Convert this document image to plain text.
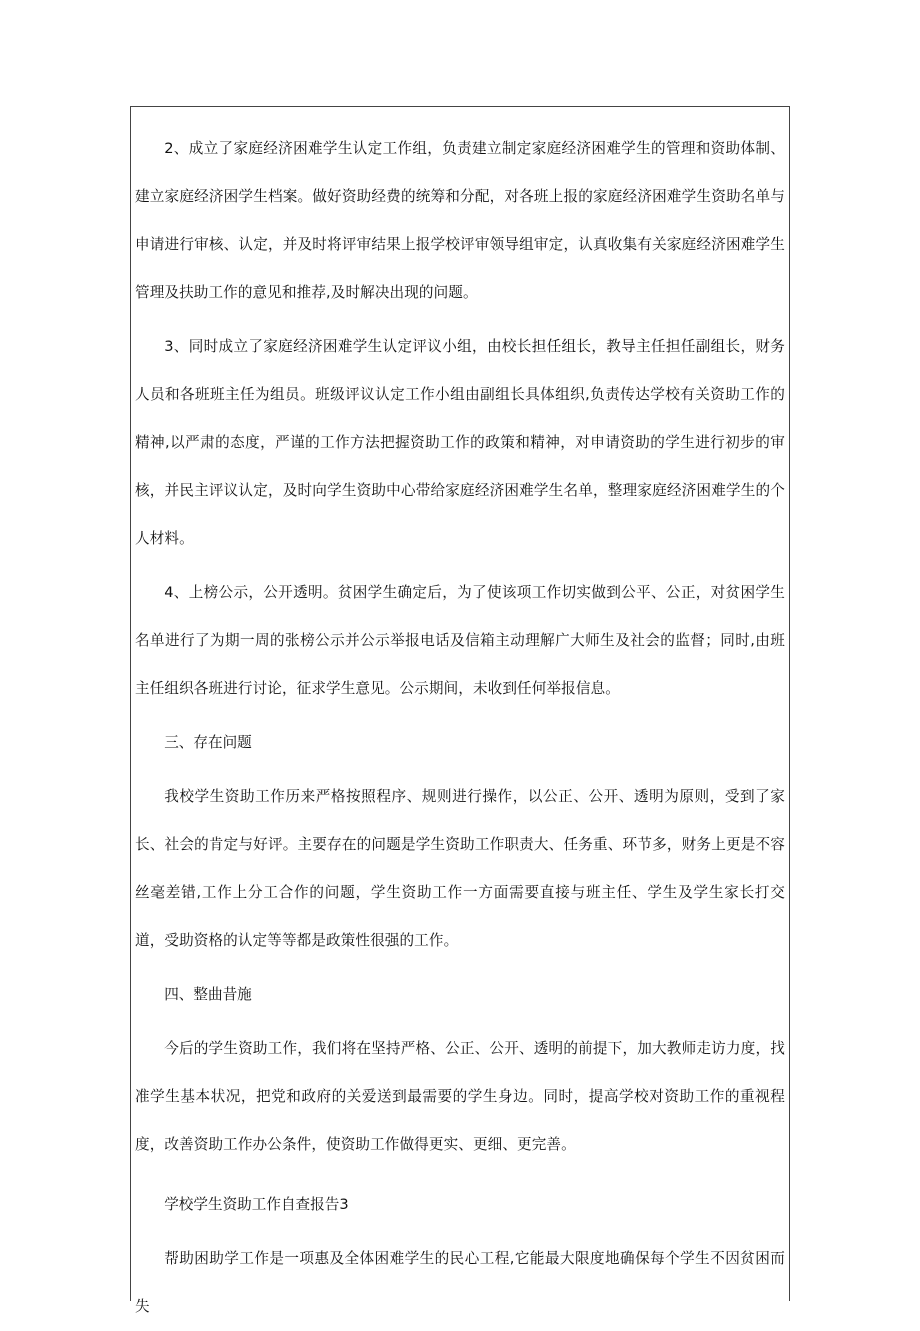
2、成立了家庭经济困难学生认定工作组，负责建立制定家庭经济困难学生的管理和资助体制、建立家庭经济困学生档案。做好资助经费的统筹和分配，对各班上报的家庭经济困难学生资助名单与申请进行审核、认定，并及时将评审结果上报学校评审领导组审定，认真收集有关家庭经济困难学生管理及扶助工作的意见和推荐,及时解决出现的问题。

3、同时成立了家庭经济困难学生认定评议小组，由校长担任组长，教导主任担任副组长，财务人员和各班班主任为组员。班级评议认定工作小组由副组长具体组织,负责传达学校有关资助工作的精神,以严肃的态度，严谨的工作方法把握资助工作的政策和精神，对申请资助的学生进行初步的审核，并民主评议认定，及时向学生资助中心带给家庭经济困难学生名单，整理家庭经济困难学生的个人材料。

4、上榜公示，公开透明。贫困学生确定后，为了使该项工作切实做到公平、公正，对贫困学生名单进行了为期一周的张榜公示并公示举报电话及信箱主动理解广大师生及社会的监督；同时,由班主任组织各班进行讨论，征求学生意见。公示期间，未收到任何举报信息。

三、存在问题

我校学生资助工作历来严格按照程序、规则进行操作，以公正、公开、透明为原则，受到了家长、社会的肯定与好评。主要存在的问题是学生资助工作职责大、任务重、环节多，财务上更是不容丝毫差错,工作上分工合作的问题，学生资助工作一方面需要直接与班主任、学生及学生家长打交道，受助资格的认定等等都是政策性很强的工作。

四、整曲昔施

今后的学生资助工作，我们将在坚持严格、公正、公开、透明的前提下，加大教师走访力度，找准学生基本状况，把党和政府的关爱送到最需要的学生身边。同时，提高学校对资助工作的重视程度，改善资助工作办公条件，使资助工作做得更实、更细、更完善。

学校学生资助工作自查报告3

帮助困助学工作是一项惠及全体困难学生的民心工程,它能最大限度地确保每个学生不因贫困而失
